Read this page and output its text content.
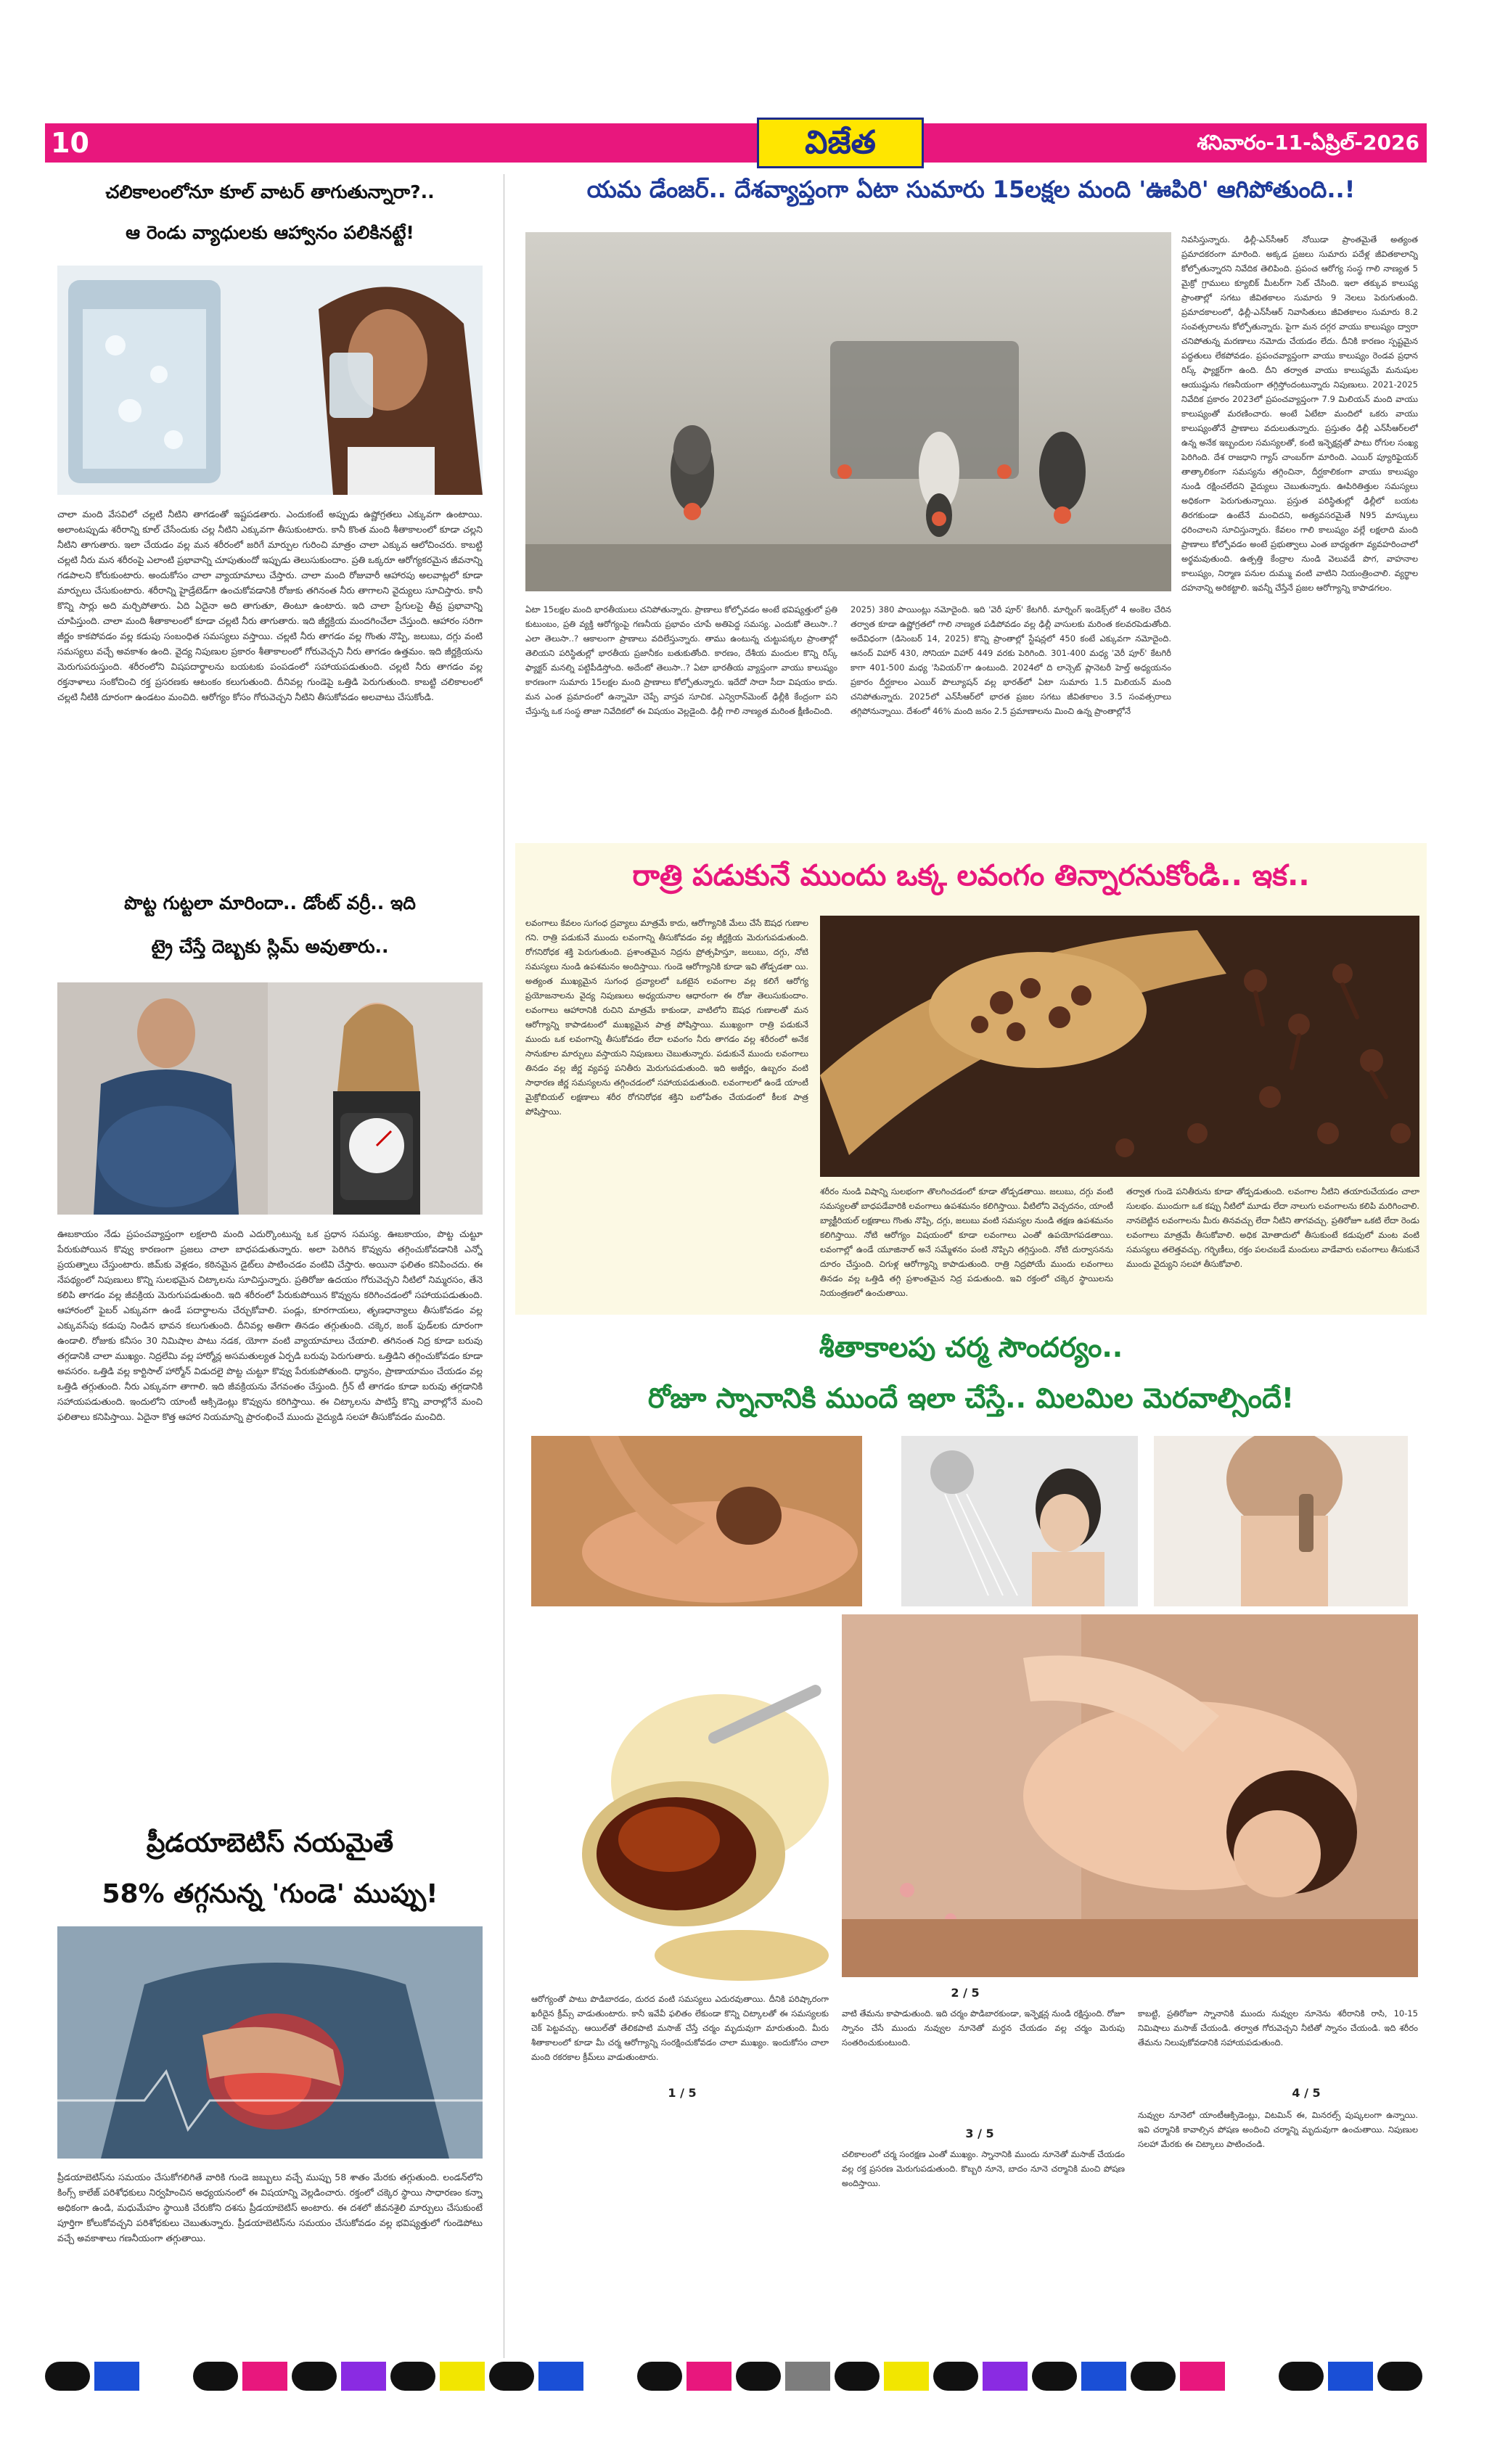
10	విజేత	శనివారం-11-ఏప్రిల్-2026
చలికాలంలోనూ కూల్ వాటర్ తాగుతున్నారా?..
ఆ రెండు వ్యాధులకు ఆహ్వానం పలికినట్టే!
చాలా మంది వేసవిలో చల్లటి నీటిని తాగడంతో ఇష్టపడతారు. ఎందుకంటే అప్పుడు ఉష్ణోగ్రతలు ఎక్కువగా ఉంటాయి. అలాంటప్పుడు శరీరాన్ని కూల్ చేసేందుకు చల్ల నీటిని ఎక్కువగా తీసుకుంటారు. కానీ కొంత మంది శీతాకాలంలో కూడా చల్లని నీటిని తాగుతారు. ఇలా చేయడం వల్ల మన శరీరంలో జరిగే మార్పుల గురించి మాత్రం చాలా ఎక్కువ ఆలోచించరు. కాబట్టి చల్లటి నీరు మన శరీరంపై ఎలాంటి ప్రభావాన్ని చూపుతుందో ఇప్పుడు తెలుసుకుందాం. ప్రతి ఒక్కరూ ఆరోగ్యకరమైన జీవనాన్ని గడపాలని కోరుకుంటారు. అందుకోసం చాలా వ్యాయామాలు చేస్తారు. చాలా మంది రోజువారీ ఆహారపు అలవాట్లలో కూడా మార్పులు చేసుకుంటారు. శరీరాన్ని హైడ్రేటెడ్‌గా ఉంచుకోవడానికి రోజుకు తగినంత నీరు తాగాలని వైద్యులు సూచిస్తారు. కానీ కొన్ని సార్లు అది మర్చిపోతారు. ఏది ఏదైనా అది తాగుతూ, తింటూ ఉంటారు. ఇది చాలా ప్రేగులపై తీవ్ర ప్రభావాన్ని చూపిస్తుంది. చాలా మంది శీతాకాలంలో కూడా చల్లటి నీరు తాగుతారు. ఇది జీర్ణక్రియ మందగించేలా చేస్తుంది. ఆహారం సరిగా జీర్ణం కాకపోవడం వల్ల కడుపు సంబంధిత సమస్యలు వస్తాయి. చల్లటి నీరు తాగడం వల్ల గొంతు నొప్పి, జలుబు, దగ్గు వంటి సమస్యలు వచ్చే అవకాశం ఉంది. వైద్య నిపుణుల ప్రకారం శీతాకాలంలో గోరువెచ్చని నీరు తాగడం ఉత్తమం. ఇది జీర్ణక్రియను మెరుగుపరుస్తుంది. శరీరంలోని విషపదార్థాలను బయటకు పంపడంలో సహాయపడుతుంది. చల్లటి నీరు తాగడం వల్ల రక్తనాళాలు సంకోచించి రక్త ప్రసరణకు ఆటంకం కలుగుతుంది. దీనివల్ల గుండెపై ఒత్తిడి పెరుగుతుంది. కాబట్టి చలికాలంలో చల్లటి నీటికి దూరంగా ఉండటం మంచిది. ఆరోగ్యం కోసం గోరువెచ్చని నీటిని తీసుకోవడం అలవాటు చేసుకోండి.
పొట్ట గుట్టలా మారిందా.. డోంట్ వర్రీ.. ఇది
ట్రై చేస్తే దెబ్బకు స్లిమ్ అవుతారు..
ఊబకాయం నేడు ప్రపంచవ్యాప్తంగా లక్షలాది మంది ఎదుర్కొంటున్న ఒక ప్రధాన సమస్య. ఊబకాయం, పొట్ట చుట్టూ పేరుకుపోయిన కొవ్వు కారణంగా ప్రజలు చాలా బాధపడుతున్నారు. అలా పెరిగిన కొవ్వును తగ్గించుకోవడానికి ఎన్నో ప్రయత్నాలు చేస్తుంటారు. జిమ్‌కు వెళ్లడం, కఠినమైన డైట్‌లు పాటించడం వంటివి చేస్తారు. అయినా ఫలితం కనిపించదు. ఈ నేపథ్యంలో నిపుణులు కొన్ని సులభమైన చిట్కాలను సూచిస్తున్నారు. ప్రతిరోజు ఉదయం గోరువెచ్చని నీటిలో నిమ్మరసం, తేనె కలిపి తాగడం వల్ల జీవక్రియ మెరుగుపడుతుంది. ఇది శరీరంలో పేరుకుపోయిన కొవ్వును కరిగించడంలో సహాయపడుతుంది. ఆహారంలో ఫైబర్ ఎక్కువగా ఉండే పదార్థాలను చేర్చుకోవాలి. పండ్లు, కూరగాయలు, తృణధాన్యాలు తీసుకోవడం వల్ల ఎక్కువసేపు కడుపు నిండిన భావన కలుగుతుంది. దీనివల్ల అతిగా తినడం తగ్గుతుంది. చక్కెర, జంక్ ఫుడ్‌లకు దూరంగా ఉండాలి. రోజుకు కనీసం 30 నిమిషాల పాటు నడక, యోగా వంటి వ్యాయామాలు చేయాలి. తగినంత నిద్ర కూడా బరువు తగ్గడానికి చాలా ముఖ్యం. నిద్రలేమి వల్ల హార్మోన్ల అసమతుల్యత ఏర్పడి బరువు పెరుగుతారు. ఒత్తిడిని తగ్గించుకోవడం కూడా అవసరం. ఒత్తిడి వల్ల కార్టిసాల్ హార్మోన్ విడుదలై పొట్ట చుట్టూ కొవ్వు పేరుకుపోతుంది. ధ్యానం, ప్రాణాయామం చేయడం వల్ల ఒత్తిడి తగ్గుతుంది. నీరు ఎక్కువగా తాగాలి. ఇది జీవక్రియను వేగవంతం చేస్తుంది. గ్రీన్ టీ తాగడం కూడా బరువు తగ్గడానికి సహాయపడుతుంది. ఇందులోని యాంటీ ఆక్సిడెంట్లు కొవ్వును కరిగిస్తాయి. ఈ చిట్కాలను పాటిస్తే కొన్ని వారాల్లోనే మంచి ఫలితాలు కనిపిస్తాయి. ఏదైనా కొత్త ఆహార నియమాన్ని ప్రారంభించే ముందు వైద్యుడి సలహా తీసుకోవడం మంచిది.
ప్రీడయాబెటిస్ నయమైతే
58% తగ్గనున్న 'గుండె' ముప్పు!
ప్రీడయాబెటిస్‌ను సమయం చేసుకోగలిగితే వారికి గుండె జబ్బులు వచ్చే ముప్పు 58 శాతం మేరకు తగ్గుతుంది. లండన్‌లోని కింగ్స్ కాలేజ్ పరిశోధకులు నిర్వహించిన అధ్యయనంలో ఈ విషయాన్ని వెల్లడించారు. రక్తంలో చక్కెర స్థాయి సాధారణం కన్నా అధికంగా ఉండి, మధుమేహం స్థాయికి చేరుకోని దశను ప్రీడయాబెటిస్ అంటారు. ఈ దశలో జీవనశైలి మార్పులు చేసుకుంటే పూర్తిగా కోలుకోవచ్చని పరిశోధకులు చెబుతున్నారు. ప్రీడయాబెటిస్‌ను సమయం చేసుకోవడం వల్ల భవిష్యత్తులో గుండెపోటు వచ్చే అవకాశాలు గణనీయంగా తగ్గుతాయి.
యమ డేంజర్.. దేశవ్యాప్తంగా ఏటా సుమారు 15లక్షల మంది 'ఊపిరి' ఆగిపోతుంది..!
నివసిస్తున్నారు. ఢిల్లీ-ఎన్‌సీఆర్ నోయిడా ప్రాంతమైతే అత్యంత ప్రమాదకరంగా మారింది. అక్కడ ప్రజలు సుమారు పదేళ్ల జీవితకాలాన్ని కోల్పోతున్నారని నివేదిక తెలిపింది. ప్రపంచ ఆరోగ్య సంస్థ గాలి నాణ్యత 5 మైక్రో గ్రాములు క్యూబిక్ మీటర్‌గా సెట్ చేసింది. ఇలా తక్కువ కాలుష్య ప్రాంతాల్లో సగటు జీవితకాలం సుమారు 9 నెలలు పెరుగుతుంది. ప్రమాదకాలంలో, ఢిల్లీ-ఎన్‌సీఆర్ నివాసితులు జీవితకాలం సుమారు 8.2 సంవత్సరాలను కోల్పోతున్నారు. పైగా మన దగ్గర వాయు కాలుష్యం ద్వారా చనిపోతున్న మరణాలు నమోదు చేయడం లేదు. దీనికి కారణం స్పష్టమైన పద్ధతులు లేకపోవడం. ప్రపంచవ్యాప్తంగా వాయు కాలుష్యం రెండవ ప్రధాన రిస్క్ ఫ్యాక్టర్‌గా ఉంది. దీని తర్వాత వాయు కాలుష్యమే మనుషుల ఆయుష్షును గణనీయంగా తగ్గిస్తోందంటున్నారు నిపుణులు. 2021-2025 నివేదిక ప్రకారం 2023లో ప్రపంచవ్యాప్తంగా 7.9 మిలియన్ మంది వాయు కాలుష్యంతో మరణించారు. అంటే ఏటేటా మందిలో ఒకరు వాయు కాలుష్యంతోనే ప్రాణాలు వదులుతున్నారు. ప్రస్తుతం ఢిల్లీ ఎన్‌సీఆర్‌లలో ఉన్న అనేక ఇబ్బందుల సమస్యలతో, కంటి ఇన్ఫెక్షన్లతో పాటు రోగుల సంఖ్య పెరిగింది. దేశ రాజధాని గ్యాస్ చాంబర్‌గా మారింది. ఎయిర్ ప్యూరిఫైయర్ తాత్కాలికంగా సమస్యను తగ్గించినా, దీర్ఘకాలికంగా వాయు కాలుష్యం నుండి రక్షించలేదని వైద్యులు చెబుతున్నారు. ఊపిరితిత్తుల సమస్యలు అధికంగా పెరుగుతున్నాయి. ప్రస్తుత పరిస్థితుల్లో ఢిల్లీలో బయట తిరగకుండా ఉంటేనే మంచిదని, అత్యవసరమైతే N95 మాస్కులు ధరించాలని సూచిస్తున్నారు. కేవలం గాలి కాలుష్యం వల్లే లక్షలాది మంది ప్రాణాలు కోల్పోవడం అంటే ప్రభుత్వాలు ఎంత బాధ్యతగా వ్యవహరించాలో అర్థమవుతుంది. ఉత్పత్తి కేంద్రాల నుండి వెలువడే పొగ, వాహనాల కాలుష్యం, నిర్మాణ పనుల దుమ్ము వంటి వాటిని నియంత్రించాలి. వ్యర్థాల దహనాన్ని అరికట్టాలి. ఇవన్నీ చేస్తేనే ప్రజల ఆరోగ్యాన్ని కాపాడగలం.
ఏటా 15లక్షల మంది భారతీయులు చనిపోతున్నారు. ప్రాణాలు కోల్పోవడం అంటే భవిష్యత్తులో ప్రతి కుటుంబం, ప్రతి వ్యక్తి ఆరోగ్యంపై గణనీయ ప్రభావం చూపే అతిపెద్ద సమస్య. ఎందుకో తెలుసా..? ఎలా తెలుసా..? ఆకాలంగా ప్రాణాలు వదిలేస్తున్నారు. తాము ఉంటున్న చుట్టుపక్కల ప్రాంతాల్లో తెలియని పరిస్థితుల్లో భారతీయ ప్రజానీకం బతుకుతోంది. కారణం, దేశీయ మందుల కొన్ని రిస్క్ ఫ్యాక్టర్ మనల్ని పట్టిపీడిస్తోంది. అదేంటో తెలుసా..? ఏటా భారతీయ వ్యాప్తంగా వాయు కాలుష్యం కారణంగా సుమారు 15లక్షల మంది ప్రాణాలు కోల్పోతున్నారు. ఇదేదో సాదా సీదా విషయం కాదు. మన ఎంత ప్రమాదంలో ఉన్నామో చెప్పే వాస్తవ సూచిక. ఎన్విరాన్‌మెంట్ ఢిల్లీకి కేంద్రంగా పని చేస్తున్న ఒక సంస్థ తాజా నివేదికలో ఈ విషయం వెల్లడైంది. ఢిల్లీ గాలి నాణ్యత మరింత క్షీణించింది.
2025) 380 పాయింట్లు నమోదైంది. ఇది 'వెరీ పూర్' కేటగిరీ. మార్నింగ్ ఇండెక్స్‌లో 4 అంకెల చేరిన తర్వాత కూడా ఉష్ణోగ్రతలో గాలి నాణ్యత పడిపోవడం వల్ల ఢిల్లీ వాసులకు మరింత కలవరపెడుతోంది. అదేవిధంగా (డిసెంబర్ 14, 2025) కొన్ని ప్రాంతాల్లో స్టేషన్లలో 450 కంటే ఎక్కువగా నమోదైంది. ఆనంద్ విహార్ 430, సోనియా విహార్ 449 వరకు పెరిగింది. 301-400 మధ్య 'వెరీ పూర్' కేటగిరీ కాగా 401-500 మధ్య 'సివియర్‌'గా ఉంటుంది. 2024లో ది లాన్సెట్ ప్లానెటరీ హెల్త్ అధ్యయనం ప్రకారం దీర్ఘకాలం ఎయిర్ పొల్యూషన్ వల్ల భారత్‌లో ఏటా సుమారు 1.5 మిలియన్ మంది చనిపోతున్నారు. 2025లో ఎన్‌సీఆర్‌లో భారత ప్రజల సగటు జీవితకాలం 3.5 సంవత్సరాలు తగ్గిపోనున్నాయి. దేశంలో 46% మంది జనం 2.5 ప్రమాణాలను మించి ఉన్న ప్రాంతాల్లోనే
రాత్రి పడుకునే ముందు ఒక్క లవంగం తిన్నారనుకోండి.. ఇక..
లవంగాలు కేవలం సుగంధ ద్రవ్యాలు మాత్రమే కాదు, ఆరోగ్యానికి మేలు చేసే ఔషధ గుణాల గని. రాత్రి పడుకునే ముందు లవంగాన్ని తీసుకోవడం వల్ల జీర్ణక్రియ మెరుగుపడుతుంది. రోగనిరోధక శక్తి పెరుగుతుంది. ప్రశాంతమైన నిద్రను ప్రోత్సహిస్తూ, జలుబు, దగ్గు, నోటి సమస్యలు నుండి ఉపశమనం అందిస్తాయి. గుండె ఆరోగ్యానికి కూడా ఇవి తోడ్పడతా యి. అత్యంత ముఖ్యమైన సుగంధ ద్రవ్యాలలో ఒకటైన లవంగాల వల్ల కలిగే ఆరోగ్య ప్రయోజనాలను వైద్య నిపుణులు అధ్యయనాల ఆధారంగా ఈ రోజు తెలుసుకుందాం. లవంగాలు ఆహారానికి రుచిని మాత్రమే కాకుండా, వాటిలోని ఔషధ గుణాలతో మన ఆరోగ్యాన్ని కాపాడటంలో ముఖ్యమైన పాత్ర పోషిస్తాయి. ముఖ్యంగా రాత్రి పడుకునే ముందు ఒక లవంగాన్ని తీసుకోవడం లేదా లవంగం నీరు తాగడం వల్ల శరీరంలో అనేక సానుకూల మార్పులు వస్తాయని నిపుణులు చెబుతున్నారు. పడుకునే ముందు లవంగాలు తినడం వల్ల జీర్ణ వ్యవస్థ పనితీరు మెరుగుపడుతుంది. ఇది అజీర్ణం, ఉబ్బరం వంటి సాధారణ జీర్ణ సమస్యలను తగ్గించడంలో సహాయపడుతుంది. లవంగాలలో ఉండే యాంటీ మైక్రోబియల్ లక్షణాలు శరీర రోగనిరోధక శక్తిని బలోపేతం చేయడంలో కీలక పాత్ర పోషిస్తాయి.
శరీరం నుండి విషాన్ని సులభంగా తొలగించడంలో కూడా తోడ్పడతాయి. జలుబు, దగ్గు వంటి సమస్యలతో బాధపడేవారికి లవంగాలు ఉపశమనం కలిగిస్తాయి. వీటిలోని వెచ్చదనం, యాంటీ బ్యాక్టీరియల్ లక్షణాలు గొంతు నొప్పి, దగ్గు, జలుబు వంటి సమస్యల నుండి తక్షణ ఉపశమనం కలిగిస్తాయి. నోటి ఆరోగ్యం విషయంలో కూడా లవంగాలు ఎంతో ఉపయోగపడతాయి. లవంగాల్లో ఉండే యూజినాల్ అనే సమ్మేళనం పంటి నొప్పిని తగ్గిస్తుంది. నోటి దుర్వాసనను దూరం చేస్తుంది. చిగుళ్ల ఆరోగ్యాన్ని కాపాడుతుంది. రాత్రి నిద్రపోయే ముందు లవంగాలు తినడం వల్ల ఒత్తిడి తగ్గి ప్రశాంతమైన నిద్ర పడుతుంది. ఇవి రక్తంలో చక్కెర స్థాయిలను నియంత్రణలో ఉంచుతాయి.
తర్వాత గుండె పనితీరును కూడా తోడ్పడుతుంది. లవంగాల నీటిని తయారుచేయడం చాలా సులభం. ముందుగా ఒక కప్పు నీటిలో మూడు లేదా నాలుగు లవంగాలను కలిపి మరిగించాలి. నానబెట్టిన లవంగాలను మీరు తినవచ్చు లేదా నీటిని తాగవచ్చు. ప్రతిరోజూ ఒకటి లేదా రెండు లవంగాలు మాత్రమే తీసుకోవాలి. అధిక మోతాదులో తీసుకుంటే కడుపులో మంట వంటి సమస్యలు తలెత్తవచ్చు. గర్భిణీలు, రక్తం పలచబడే మందులు వాడేవారు లవంగాలు తీసుకునే ముందు వైద్యుని సలహా తీసుకోవాలి.
శీతాకాలపు చర్మ సౌందర్యం..
రోజూ స్నానానికి ముందే ఇలా చేస్తే.. మిలమిల మెరవాల్సిందే!
ఆరోగ్యంతో పాటు పొడిబారడం, దురద వంటి సమస్యలు ఎదురవుతాయి. దీనికి పరిష్కారంగా ఖరీదైన క్రీమ్స్ వాడుతుంటారు. కానీ ఇవేవీ ఫలితం లేకుండా కొన్ని చిట్కాలతో ఈ సమస్యలకు చెక్ పెట్టవచ్చు. ఆయిల్‌తో తేలికపాటి మసాజ్ చేస్తే చర్మం మృదువుగా మారుతుంది. మీరు శీతాకాలంలో కూడా మీ చర్మ ఆరోగ్యాన్ని సంరక్షించుకోవడం చాలా ముఖ్యం. ఇందుకోసం చాలా మంది రకరకాల క్రీమ్‌లు వాడుతుంటారు.
2 / 5
వాటి తేమను కాపాడుతుంది. ఇది చర్మం పొడిబారకుండా, ఇన్ఫెక్షన్ల నుండి రక్షిస్తుంది. రోజూ స్నానం చేసే ముందు నువ్వుల నూనెతో మర్దన చేయడం వల్ల చర్మం మెరుపు సంతరించుకుంటుంది.
3 / 5
చలికాలంలో చర్మ సంరక్షణ ఎంతో ముఖ్యం. స్నానానికి ముందు నూనెతో మసాజ్ చేయడం వల్ల రక్త ప్రసరణ మెరుగుపడుతుంది. కొబ్బరి నూనె, బాదం నూనె చర్మానికి మంచి పోషణ అందిస్తాయి.
1 / 5
కాబట్టి, ప్రతిరోజూ స్నానానికి ముందు నువ్వుల నూనెను శరీరానికి రాసి, 10-15 నిమిషాలు మసాజ్ చేయండి. తర్వాత గోరువెచ్చని నీటితో స్నానం చేయండి. ఇది శరీరం తేమను నిలుపుకోవడానికి సహాయపడుతుంది.
4 / 5
నువ్వుల నూనెలో యాంటీఆక్సిడెంట్లు, విటమిన్ ఈ, మినరల్స్ పుష్కలంగా ఉన్నాయి. ఇవి చర్మానికి కావాల్సిన పోషణ అందించి చర్మాన్ని మృదువుగా ఉంచుతాయి. నిపుణుల సలహా మేరకు ఈ చిట్కాలు పాటించండి.
